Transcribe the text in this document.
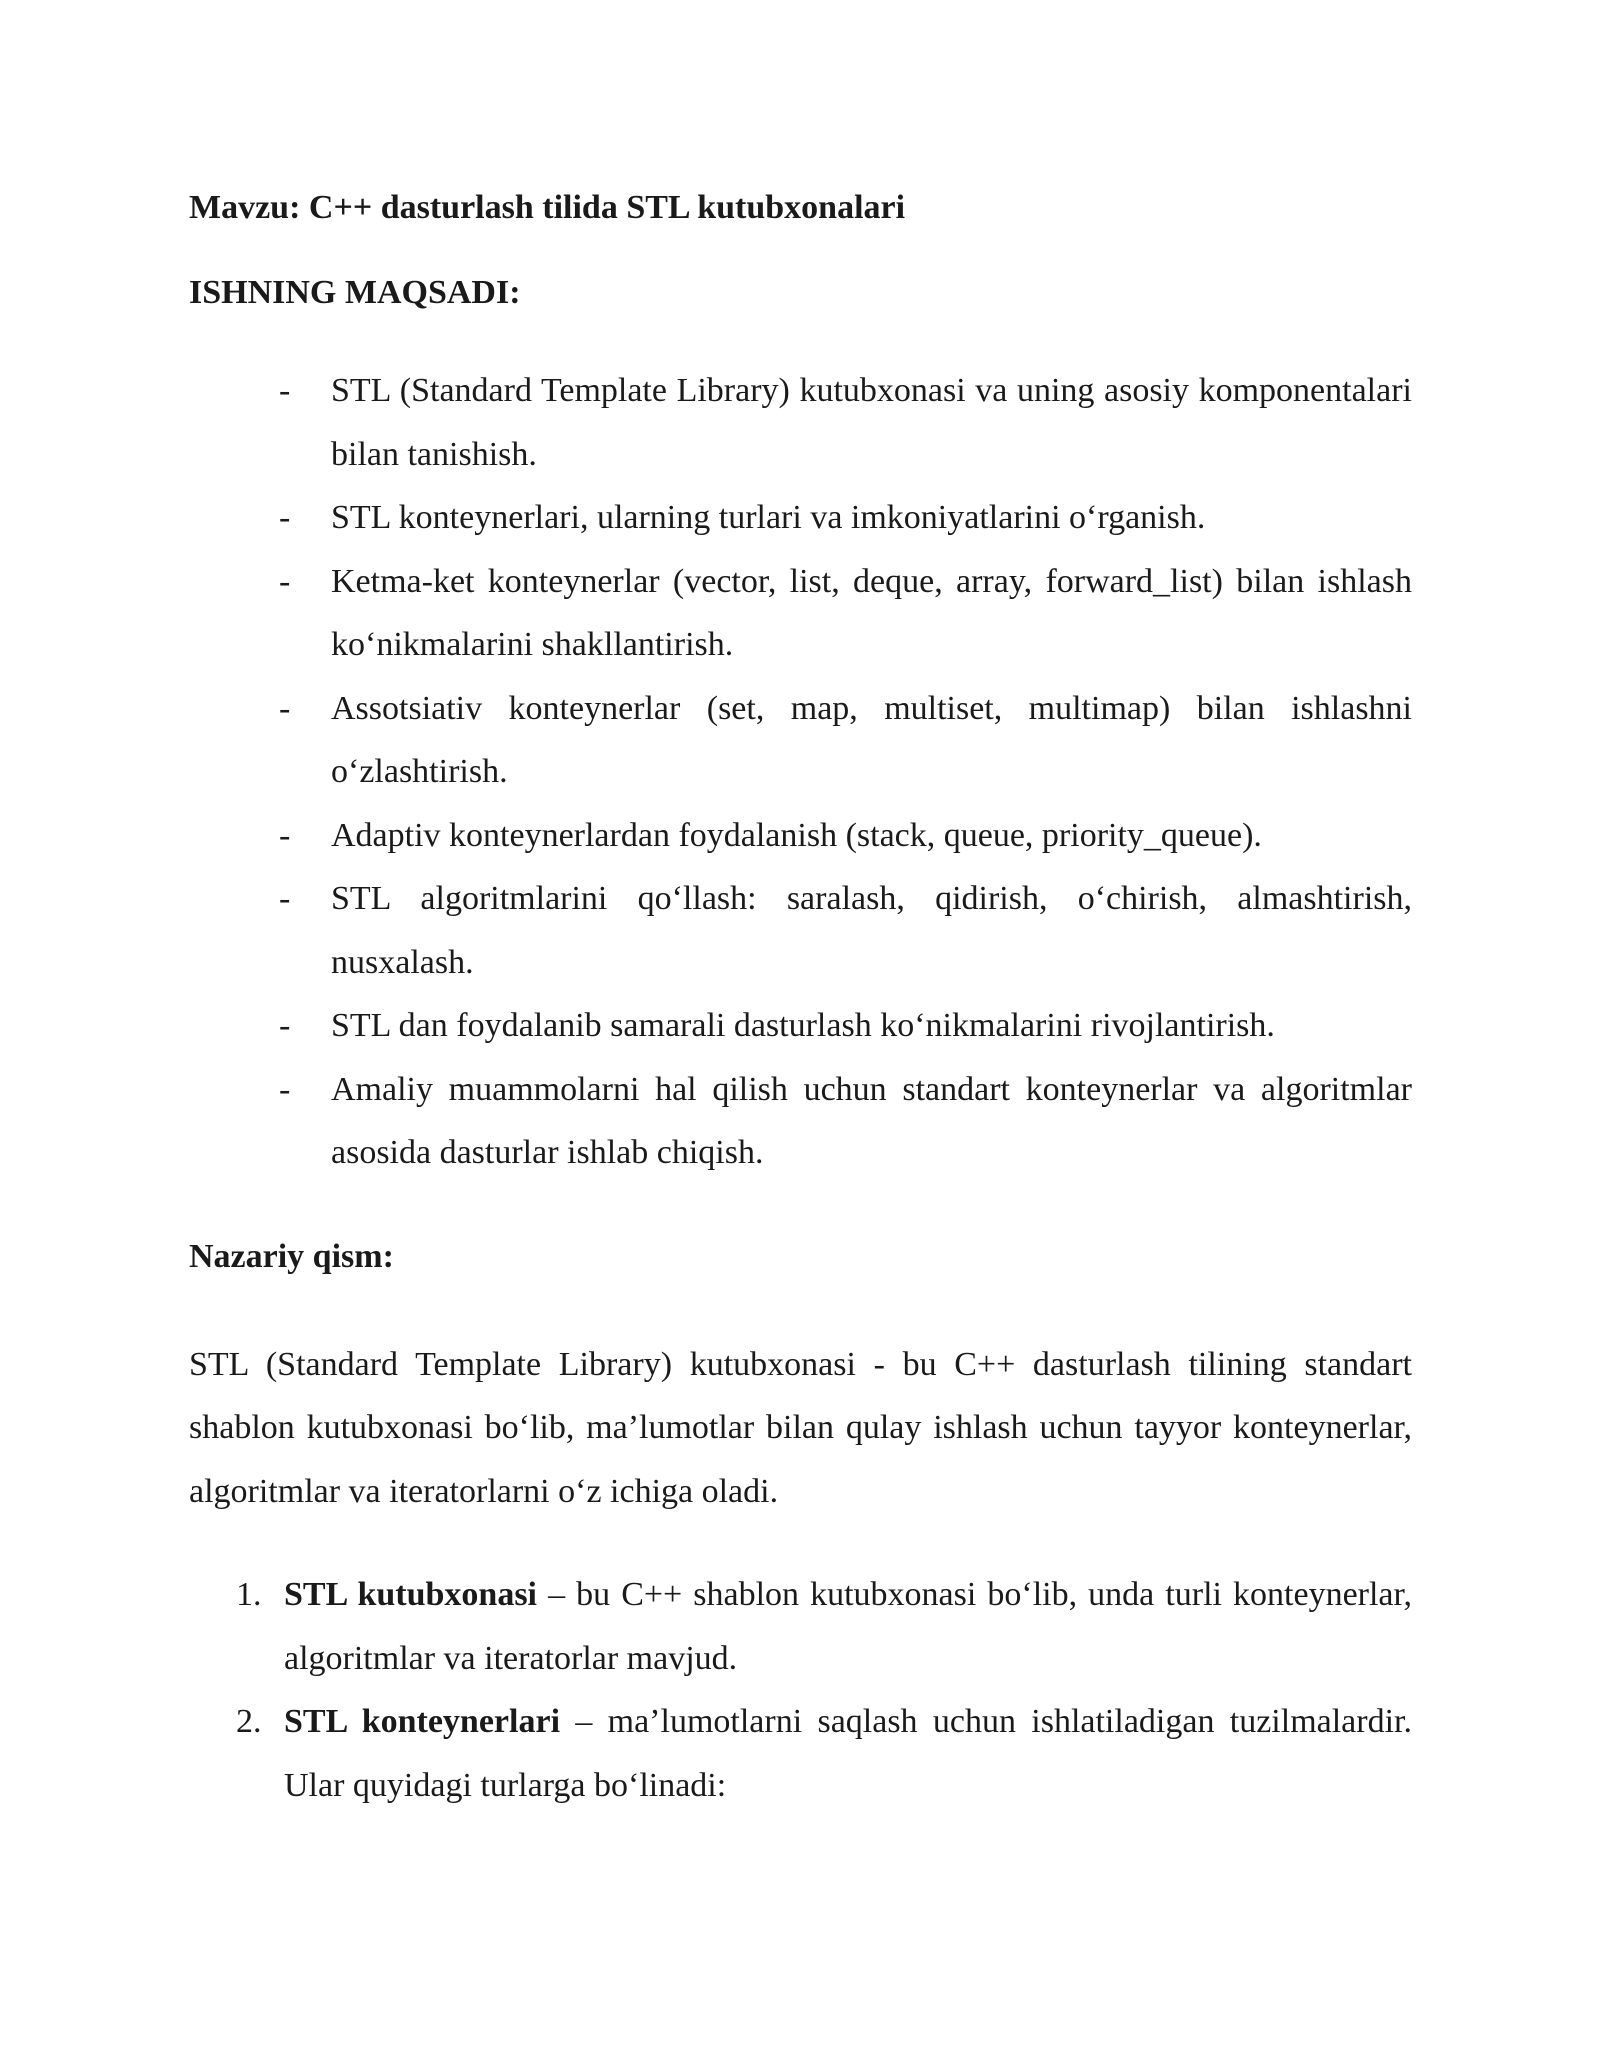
Mavzu: C++ dasturlash tilida STL kutubxonalari

ISHNING MAQSADI:

- STL (Standard Template Library) kutubxonasi va uning asosiy komponentalari bilan tanishish.
- STL konteynerlari, ularning turlari va imkoniyatlarini o‘rganish.
- Ketma-ket konteynerlar (vector, list, deque, array, forward_list) bilan ishlash ko‘nikmalarini shakllantirish.
- Assotsiativ konteynerlar (set, map, multiset, multimap) bilan ishlashni o‘zlashtirish.
- Adaptiv konteynerlardan foydalanish (stack, queue, priority_queue).
- STL algoritmlarini qo‘llash: saralash, qidirish, o‘chirish, almashtirish, nusxalash.
- STL dan foydalanib samarali dasturlash ko‘nikmalarini rivojlantirish.
- Amaliy muammolarni hal qilish uchun standart konteynerlar va algoritmlar asosida dasturlar ishlab chiqish.

Nazariy qism:

STL (Standard Template Library) kutubxonasi - bu C++ dasturlash tilining standart shablon kutubxonasi bo‘lib, ma’lumotlar bilan qulay ishlash uchun tayyor konteynerlar, algoritmlar va iteratorlarni o‘z ichiga oladi.

1. STL kutubxonasi – bu C++ shablon kutubxonasi bo‘lib, unda turli konteynerlar, algoritmlar va iteratorlar mavjud.
2. STL konteynerlari – ma’lumotlarni saqlash uchun ishlatiladigan tuzilmalardir. Ular quyidagi turlarga bo‘linadi:
